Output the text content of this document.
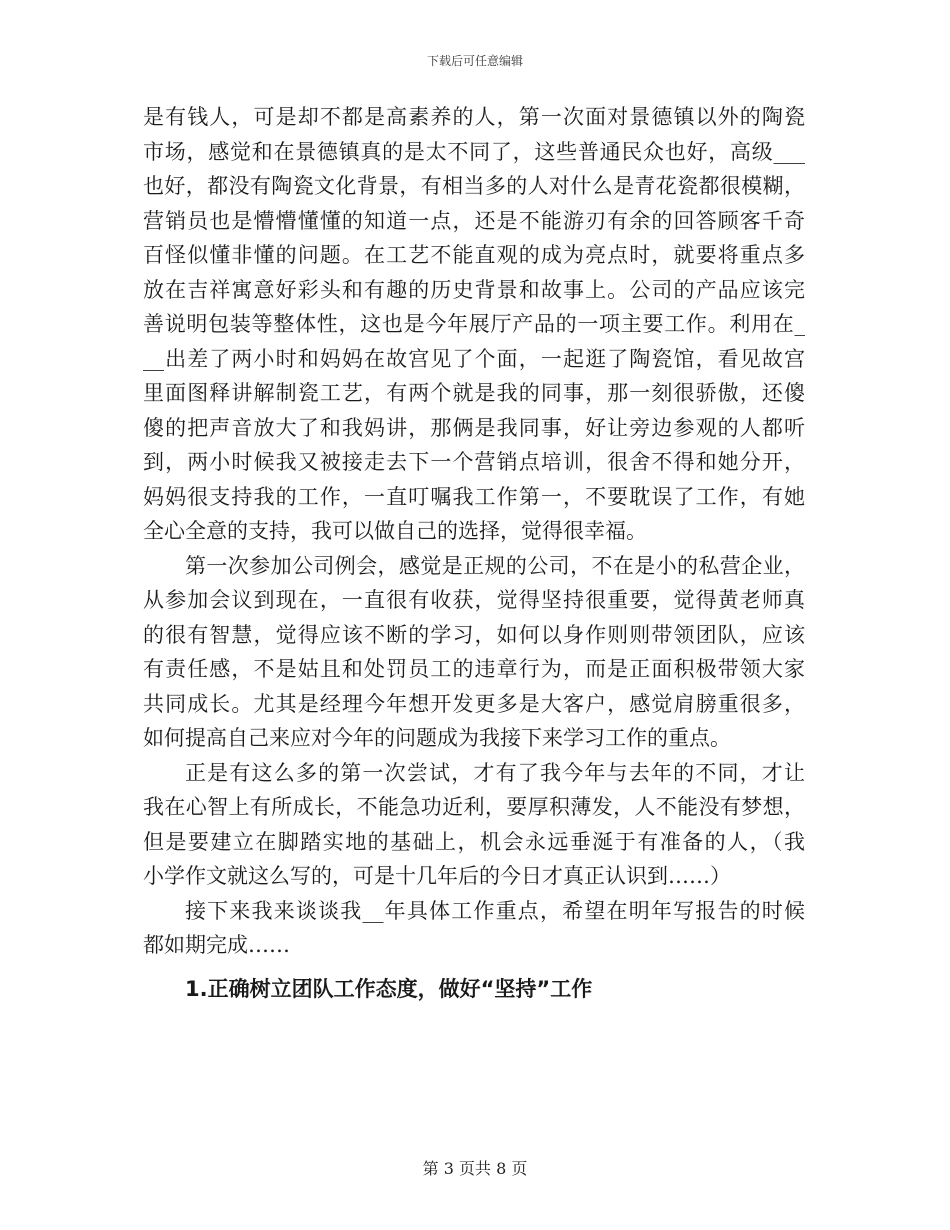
下载后可任意编辑
是有钱人，可是却不都是高素养的人，第一次面对景德镇以外的陶瓷
市场，感觉和在景德镇真的是太不同了，这些普通民众也好，高级___
也好，都没有陶瓷文化背景，有相当多的人对什么是青花瓷都很模糊，
营销员也是懵懵懂懂的知道一点，还是不能游刃有余的回答顾客千奇
百怪似懂非懂的问题。在工艺不能直观的成为亮点时，就要将重点多
放在吉祥寓意好彩头和有趣的历史背景和故事上。公司的产品应该完
善说明包装等整体性，这也是今年展厅产品的一项主要工作。利用在_
__出差了两小时和妈妈在故宫见了个面，一起逛了陶瓷馆，看见故宫
里面图释讲解制瓷工艺，有两个就是我的同事，那一刻很骄傲，还傻
傻的把声音放大了和我妈讲，那俩是我同事，好让旁边参观的人都听
到，两小时候我又被接走去下一个营销点培训，很舍不得和她分开，
妈妈很支持我的工作，一直叮嘱我工作第一，不要耽误了工作，有她
全心全意的支持，我可以做自己的选择，觉得很幸福。
第一次参加公司例会，感觉是正规的公司，不在是小的私营企业，
从参加会议到现在，一直很有收获，觉得坚持很重要，觉得黄老师真
的很有智慧，觉得应该不断的学习，如何以身作则则带领团队，应该
有责任感，不是姑且和处罚员工的违章行为，而是正面积极带领大家
共同成长。尤其是经理今年想开发更多是大客户，感觉肩膀重很多，
如何提高自己来应对今年的问题成为我接下来学习工作的重点。
正是有这么多的第一次尝试，才有了我今年与去年的不同，才让
我在心智上有所成长，不能急功近利，要厚积薄发，人不能没有梦想，
但是要建立在脚踏实地的基础上，机会永远垂涎于有准备的人，（我
小学作文就这么写的，可是十几年后的今日才真正认识到……）
接下来我来谈谈我__年具体工作重点，希望在明年写报告的时候
都如期完成……
1.正确树立团队工作态度，做好“坚持”工作
第 3 页共 8 页
